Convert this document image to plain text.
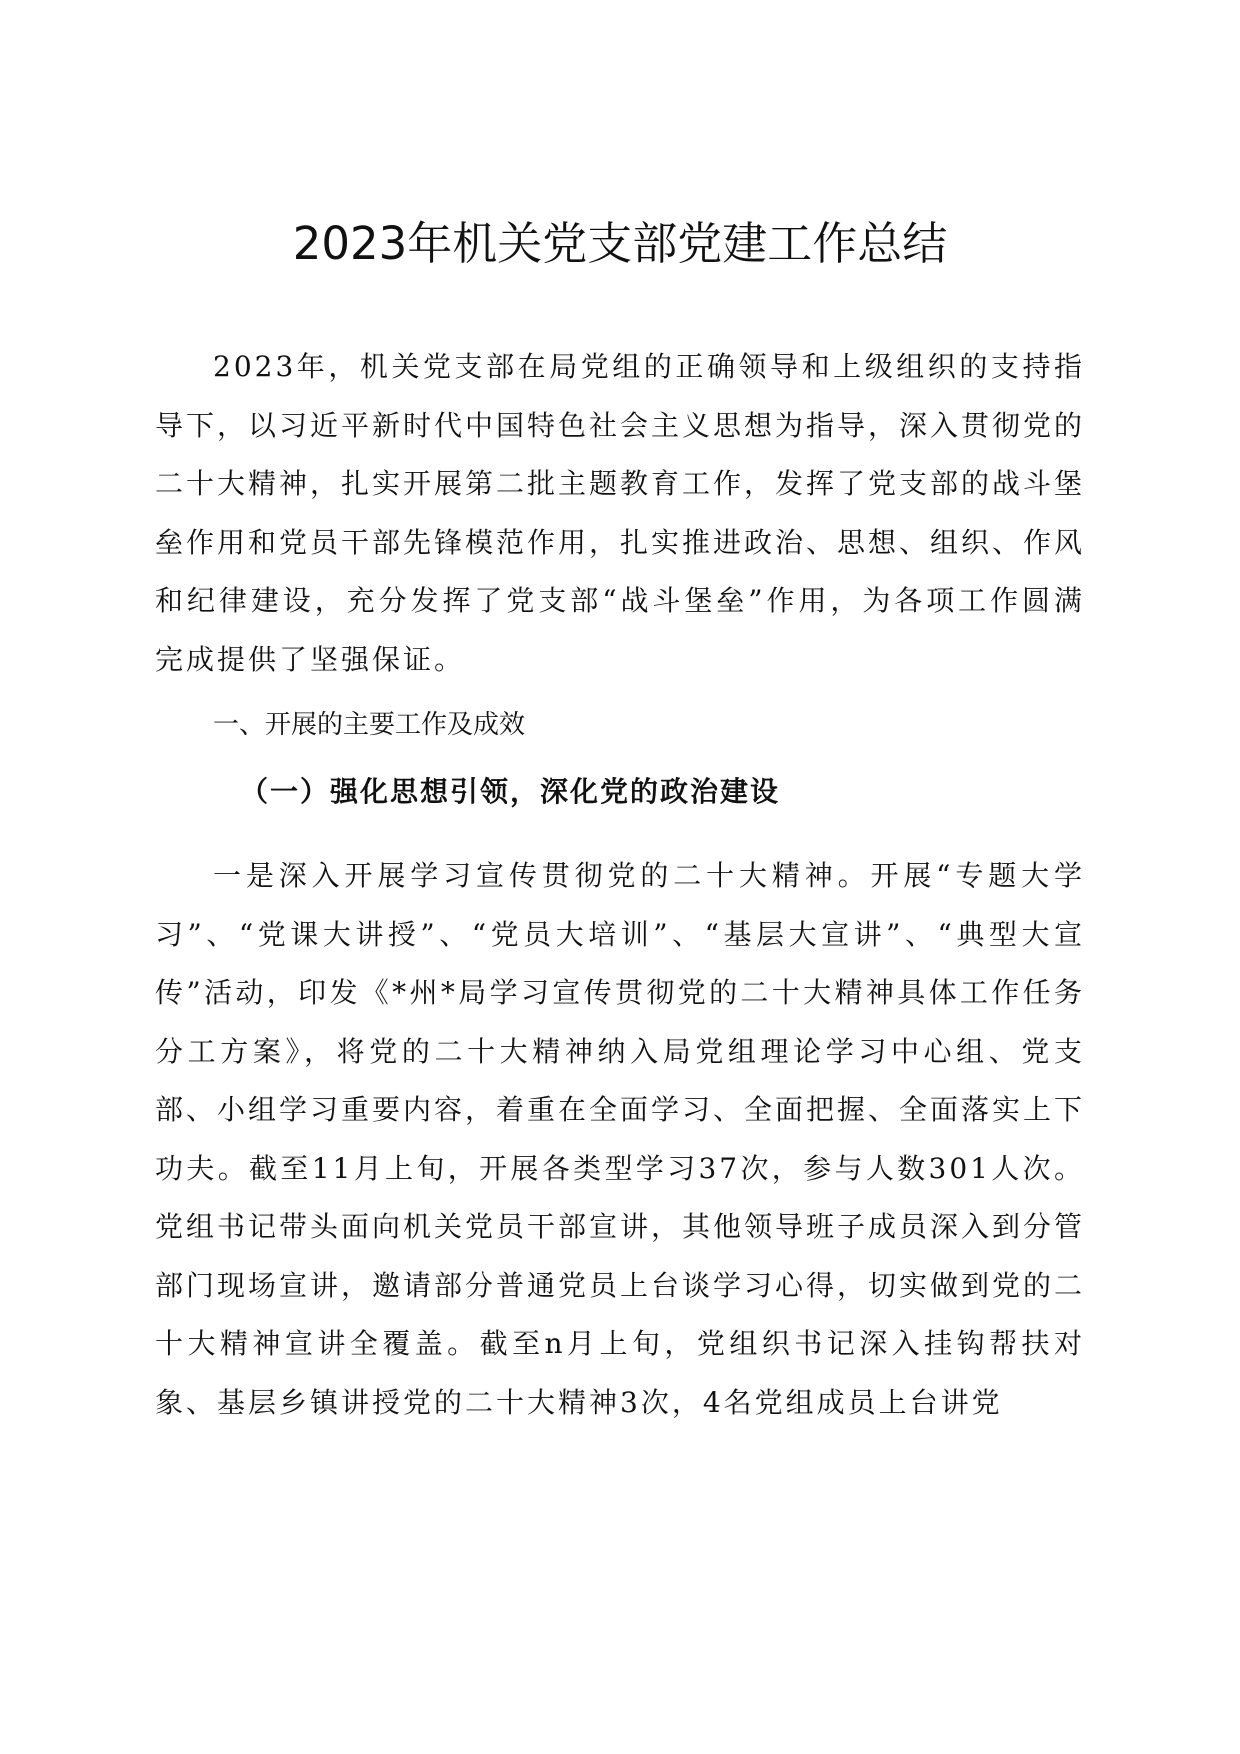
2023年机关党支部党建工作总结

2023年，机关党支部在局党组的正确领导和上级组织的支持指导下，以习近平新时代中国特色社会主义思想为指导，深入贯彻党的二十大精神，扎实开展第二批主题教育工作，发挥了党支部的战斗堡垒作用和党员干部先锋模范作用，扎实推进政治、思想、组织、作风和纪律建设，充分发挥了党支部“战斗堡垒”作用，为各项工作圆满完成提供了坚强保证。

一、开展的主要工作及成效
（一）强化思想引领，深化党的政治建设

一是深入开展学习宣传贯彻党的二十大精神。开展“专题大学习”、“党课大讲授”、“党员大培训”、“基层大宣讲”、“典型大宣传”活动，印发《*州*局学习宣传贯彻党的二十大精神具体工作任务分工方案》，将党的二十大精神纳入局党组理论学习中心组、党支部、小组学习重要内容，着重在全面学习、全面把握、全面落实上下功夫。截至11月上旬，开展各类型学习37次，参与人数301人次。党组书记带头面向机关党员干部宣讲，其他领导班子成员深入到分管部门现场宣讲，邀请部分普通党员上台谈学习心得，切实做到党的二十大精神宣讲全覆盖。截至n月上旬，党组织书记深入挂钩帮扶对象、基层乡镇讲授党的二十大精神3次，4名党组成员上台讲党
